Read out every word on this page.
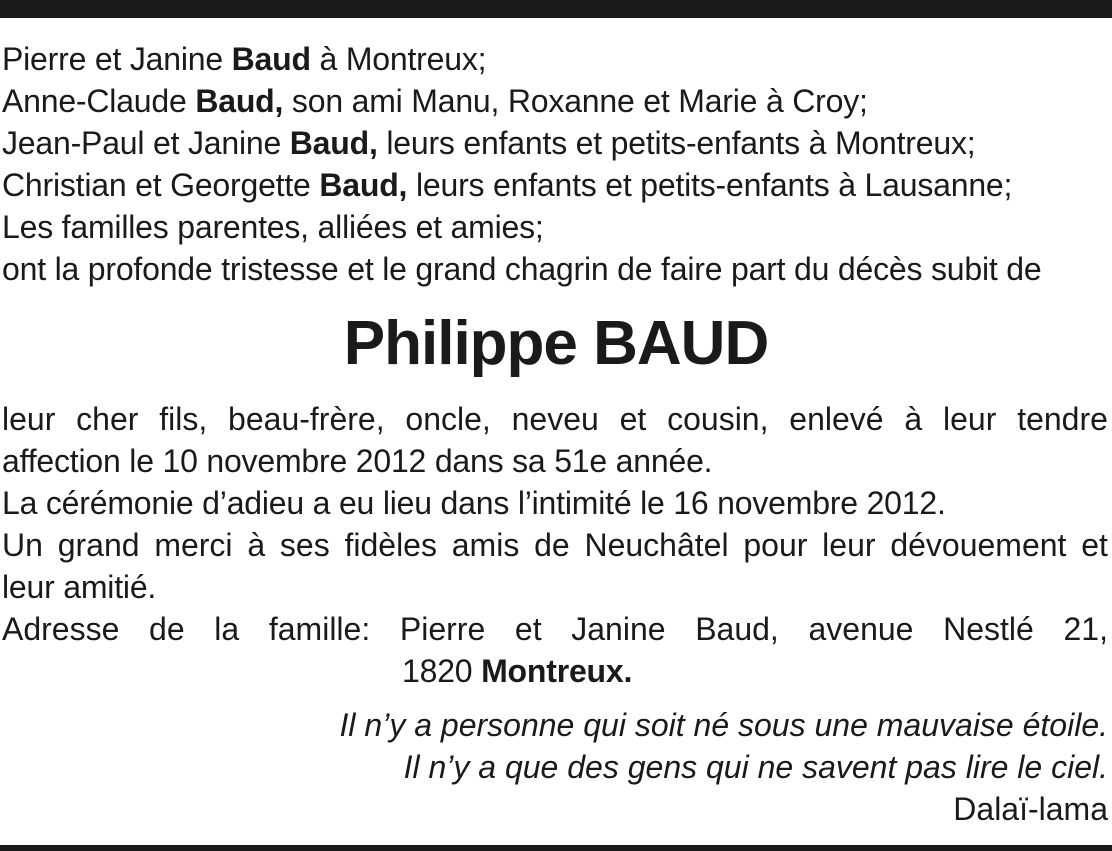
Pierre et Janine Baud à Montreux;
Anne-Claude Baud, son ami Manu, Roxanne et Marie à Croy;
Jean-Paul et Janine Baud, leurs enfants et petits-enfants à Montreux;
Christian et Georgette Baud, leurs enfants et petits-enfants à Lausanne;
Les familles parentes, alliées et amies;
ont la profonde tristesse et le grand chagrin de faire part du décès subit de
Philippe BAUD
leur cher fils, beau-frère, oncle, neveu et cousin, enlevé à leur tendre
affection le 10 novembre 2012 dans sa 51e année.
La cérémonie d’adieu a eu lieu dans l’intimité le 16 novembre 2012.
Un grand merci à ses fidèles amis de Neuchâtel pour leur dévouement et
leur amitié.
Adresse de la famille: Pierre et Janine Baud, avenue Nestlé 21,
1820 Montreux.
Il n’y a personne qui soit né sous une mauvaise étoile.
Il n’y a que des gens qui ne savent pas lire le ciel.
Dalaï-lama
